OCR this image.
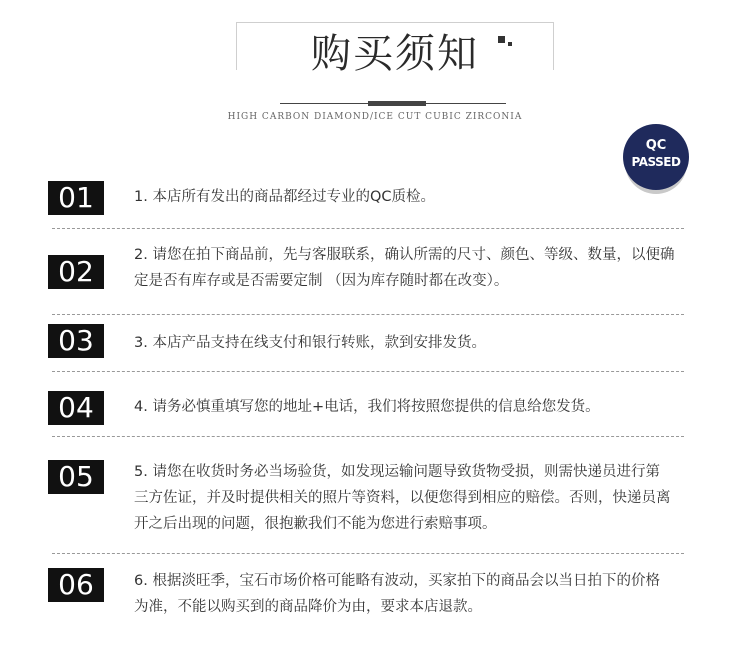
购买须知
HIGH CARBON DIAMOND/ICE CUT CUBIC ZIRCONIA
QC
PASSED
01	1. 本店所有发出的商品都经过专业的QC质检。
02	2. 请您在拍下商品前，先与客服联系，确认所需的尺寸、颜色、等级、数量，以便确定是否有库存或是否需要定制 （因为库存随时都在改变）。
03	3. 本店产品支持在线支付和银行转账，款到安排发货。
04	4. 请务必慎重填写您的地址+电话，我们将按照您提供的信息给您发货。
05	5. 请您在收货时务必当场验货，如发现运输问题导致货物受损，则需快递员进行第三方佐证，并及时提供相关的照片等资料，以便您得到相应的赔偿。否则，快递员离开之后出现的问题，很抱歉我们不能为您进行索赔事项。
06	6. 根据淡旺季，宝石市场价格可能略有波动，买家拍下的商品会以当日拍下的价格为准，不能以购买到的商品降价为由，要求本店退款。
